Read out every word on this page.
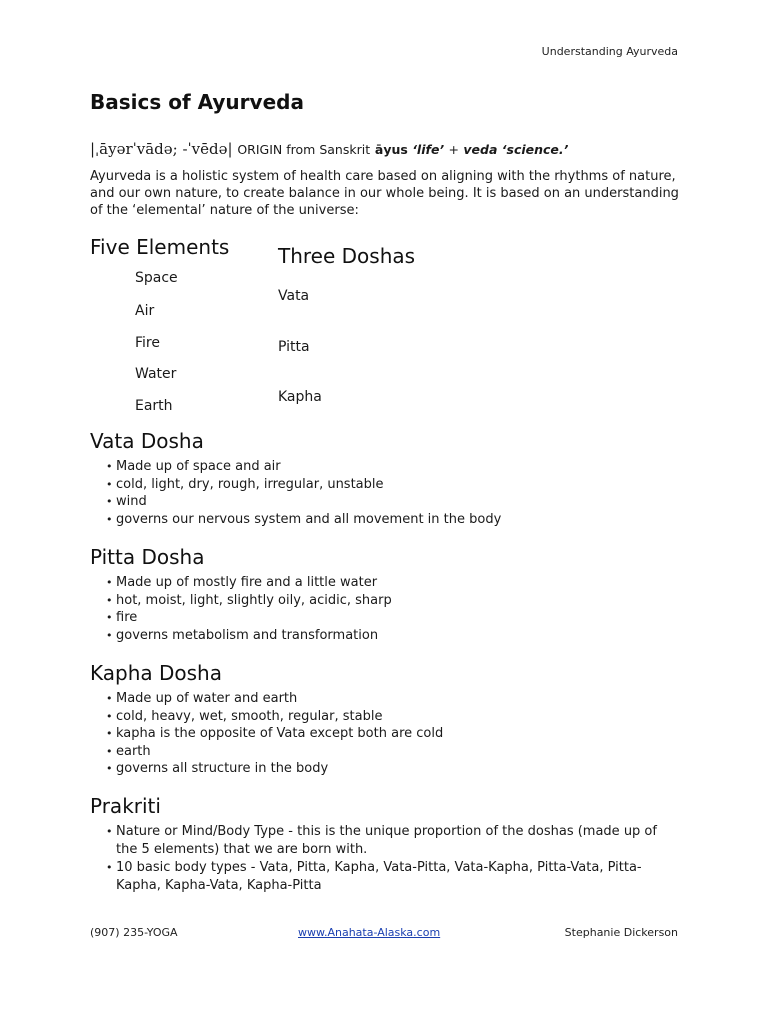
Understanding Ayurveda
Basics of Ayurveda
|ˌāyərˈvādə; -ˈvēdə| ORIGIN from Sanskrit āyus ‘life’ + veda ‘science.’

Ayurveda is a holistic system of health care based on aligning with the rhythms of nature, and our own nature, to create balance in our whole being. It is based on an understanding of the ‘elemental’ nature of the universe:

Five Elements
Space
Air
Fire
Water
Earth
Three Doshas
Vata
Pitta
Kapha
Vata Dosha
• Made up of space and air
• cold, light, dry, rough, irregular, unstable
• wind
• governs our nervous system and all movement in the body
Pitta Dosha
• Made up of mostly fire and a little water
• hot, moist, light, slightly oily, acidic, sharp
• fire
• governs metabolism and transformation
Kapha Dosha
• Made up of water and earth
• cold, heavy, wet, smooth, regular, stable
• kapha is the opposite of Vata except both are cold
• earth
• governs all structure in the body
Prakriti
• Nature or Mind/Body Type - this is the unique proportion of the doshas (made up of the 5 elements) that we are born with.
• 10 basic body types - Vata, Pitta, Kapha, Vata-Pitta, Vata-Kapha, Pitta-Vata, Pitta-Kapha, Kapha-Vata, Kapha-Pitta
(907) 235-YOGA	www.Anahata-Alaska.com	Stephanie Dickerson
